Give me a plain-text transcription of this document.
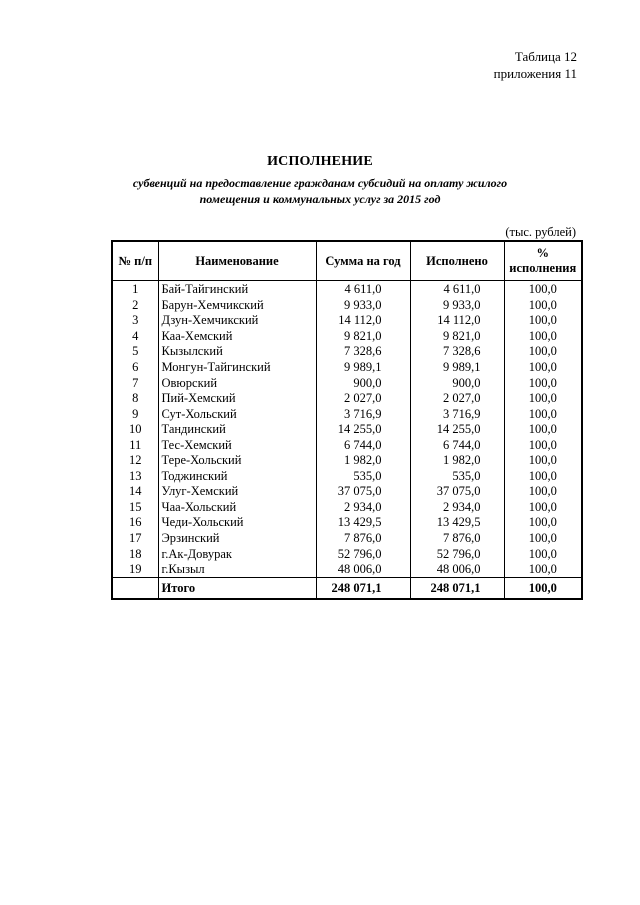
Таблица 12
приложения 11
ИСПОЛНЕНИЕ
субвенций на предоставление гражданам субсидий на оплату жилого помещения и коммунальных услуг за 2015 год
(тыс. рублей)
№ п/п	Наименование	Сумма на год	Исполнено	% исполнения
1	Бай-Тайгинский	4 611,0	4 611,0	100,0
2	Барун-Хемчикский	9 933,0	9 933,0	100,0
3	Дзун-Хемчикский	14 112,0	14 112,0	100,0
4	Каа-Хемский	9 821,0	9 821,0	100,0
5	Кызылский	7 328,6	7 328,6	100,0
6	Монгун-Тайгинский	9 989,1	9 989,1	100,0
7	Овюрский	900,0	900,0	100,0
8	Пий-Хемский	2 027,0	2 027,0	100,0
9	Сут-Хольский	3 716,9	3 716,9	100,0
10	Тандинский	14 255,0	14 255,0	100,0
11	Тес-Хемский	6 744,0	6 744,0	100,0
12	Тере-Хольский	1 982,0	1 982,0	100,0
13	Тоджинский	535,0	535,0	100,0
14	Улуг-Хемский	37 075,0	37 075,0	100,0
15	Чаа-Хольский	2 934,0	2 934,0	100,0
16	Чеди-Хольский	13 429,5	13 429,5	100,0
17	Эрзинский	7 876,0	7 876,0	100,0
18	г.Ак-Довурак	52 796,0	52 796,0	100,0
19	г.Кызыл	48 006,0	48 006,0	100,0
	Итого	248 071,1	248 071,1	100,0
